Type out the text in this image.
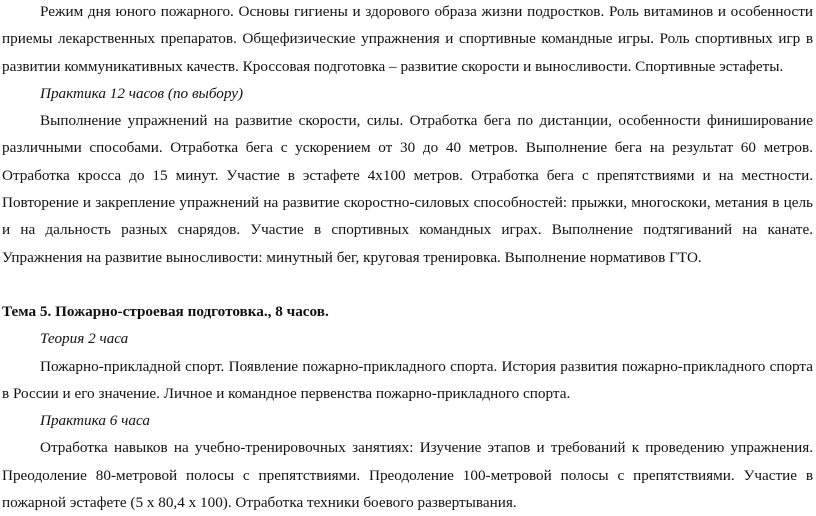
Режим дня юного пожарного. Основы гигиены и здорового образа жизни подростков. Роль витаминов и особенности приемы лекарственных препаратов. Общефизические упражнения и спортивные командные игры. Роль спортивных игр в развитии коммуникативных качеств. Кроссовая подготовка – развитие скорости и выносливости. Спортивные эстафеты.

Практика 12 часов (по выбору)

Выполнение упражнений на развитие скорости, силы. Отработка бега по дистанции, особенности финиширование различными способами. Отработка бега с ускорением от 30 до 40 метров. Выполнение бега на результат 60 метров. Отработка кросса до 15 минут. Участие в эстафете 4х100 метров. Отработка бега с препятствиями и на местности. Повторение и закрепление упражнений на развитие скоростно-силовых способностей: прыжки, многоскоки, метания в цель и на дальность разных снарядов. Участие в спортивных командных играх. Выполнение подтягиваний на канате. Упражнения на развитие выносливости: минутный бег, круговая тренировка. Выполнение нормативов ГТО.

Тема 5. Пожарно-строевая подготовка., 8 часов.

Теория 2 часа

Пожарно-прикладной спорт. Появление пожарно-прикладного спорта. История развития пожарно-прикладного спорта в России и его значение. Личное и командное первенства пожарно-прикладного спорта.

Практика 6 часа

Отработка навыков на учебно-тренировочных занятиях: Изучение этапов и требований к проведению упражнения. Преодоление 80-метровой полосы с препятствиями. Преодоление 100-метровой полосы с препятствиями. Участие в пожарной эстафете (5 х 80,4 х 100). Отработка техники боевого развертывания.
